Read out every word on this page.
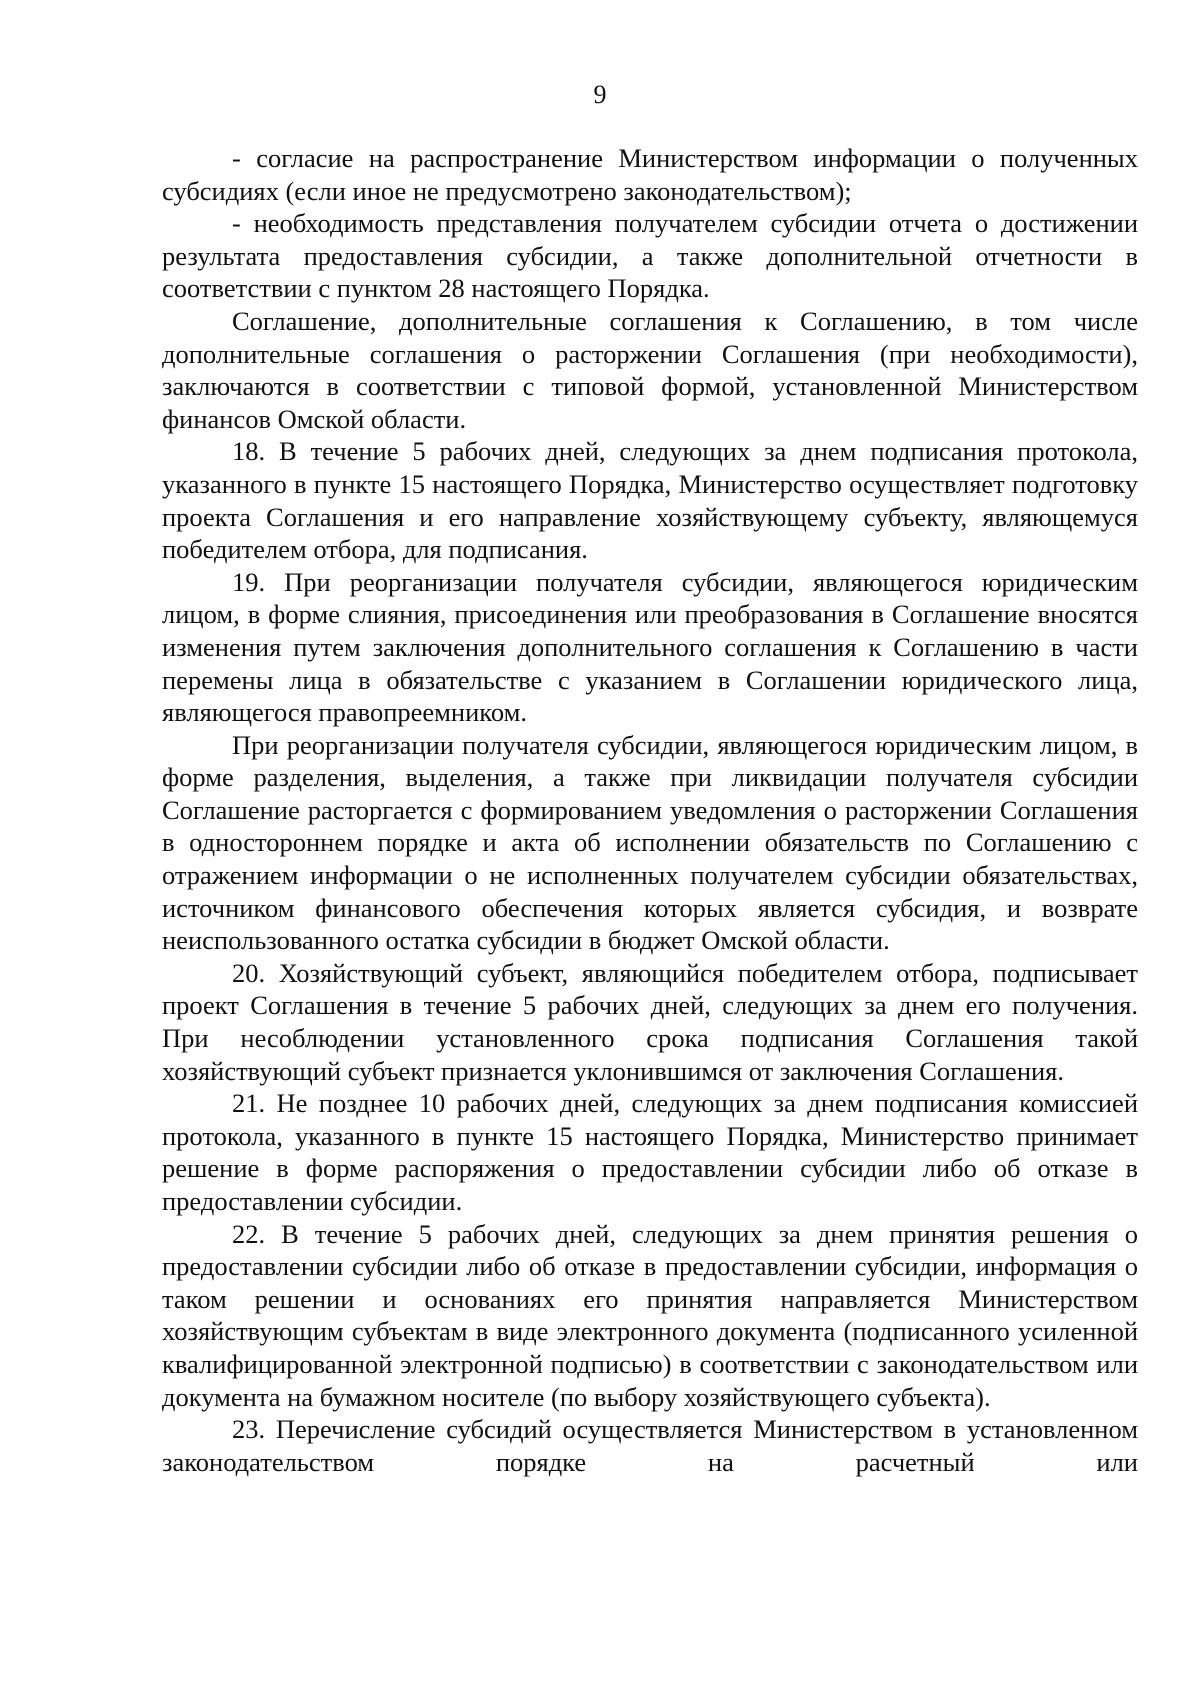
9

- согласие на распространение Министерством информации о полученных субсидиях (если иное не предусмотрено законодательством);

- необходимость представления получателем субсидии отчета о достижении результата предоставления субсидии, а также дополнительной отчетности в соответствии с пунктом 28 настоящего Порядка.

Соглашение, дополнительные соглашения к Соглашению, в том числе дополнительные соглашения о расторжении Соглашения (при необходимости), заключаются в соответствии с типовой формой, установленной Министерством финансов Омской области.

18. В течение 5 рабочих дней, следующих за днем подписания протокола, указанного в пункте 15 настоящего Порядка, Министерство осуществляет подготовку проекта Соглашения и его направление хозяйствующему субъекту, являющемуся победителем отбора, для подписания.

19. При реорганизации получателя субсидии, являющегося юридическим лицом, в форме слияния, присоединения или преобразования в Соглашение вносятся изменения путем заключения дополнительного соглашения к Соглашению в части перемены лица в обязательстве с указанием в Соглашении юридического лица, являющегося правопреемником.

При реорганизации получателя субсидии, являющегося юридическим лицом, в форме разделения, выделения, а также при ликвидации получателя субсидии Соглашение расторгается с формированием уведомления о расторжении Соглашения в одностороннем порядке и акта об исполнении обязательств по Соглашению с отражением информации о не исполненных получателем субсидии обязательствах, источником финансового обеспечения которых является субсидия, и возврате неиспользованного остатка субсидии в бюджет Омской области.

20. Хозяйствующий субъект, являющийся победителем отбора, подписывает проект Соглашения в течение 5 рабочих дней, следующих за днем его получения. При несоблюдении установленного срока подписания Соглашения такой хозяйствующий субъект признается уклонившимся от заключения Соглашения.

21. Не позднее 10 рабочих дней, следующих за днем подписания комиссией протокола, указанного в пункте 15 настоящего Порядка, Министерство принимает решение в форме распоряжения о предоставлении субсидии либо об отказе в предоставлении субсидии.

22. В течение 5 рабочих дней, следующих за днем принятия решения о предоставлении субсидии либо об отказе в предоставлении субсидии, информация о таком решении и основаниях его принятия направляется Министерством хозяйствующим субъектам в виде электронного документа (подписанного усиленной квалифицированной электронной подписью) в соответствии с законодательством или документа на бумажном носителе (по выбору хозяйствующего субъекта).

23. Перечисление субсидий осуществляется Министерством в установленном законодательством порядке на расчетный или
